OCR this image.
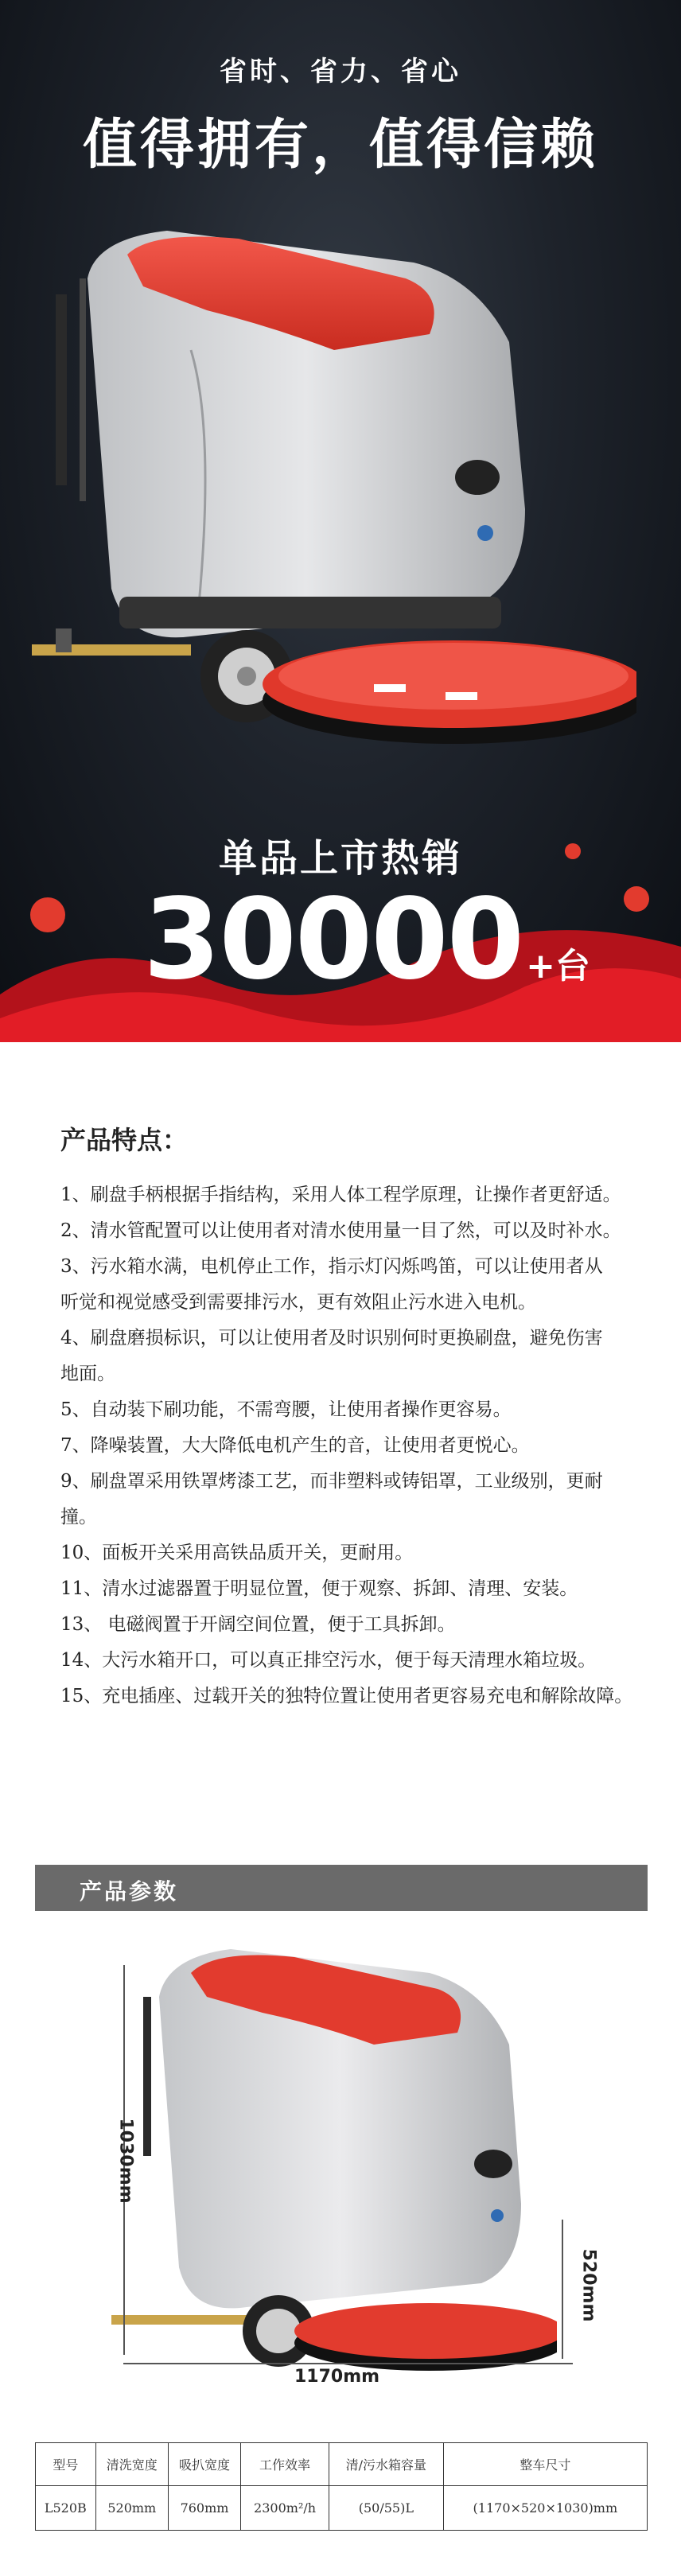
省时、省力、省心
值得拥有，值得信赖
单品上市热销
30000+台
产品特点：
1、刷盘手柄根据手指结构，采用人体工程学原理，让操作者更舒适。
2、清水管配置可以让使用者对清水使用量一目了然，可以及时补水。
3、污水箱水满，电机停止工作，指示灯闪烁鸣笛，可以让使用者从
听觉和视觉感受到需要排污水，更有效阻止污水进入电机。
4、刷盘磨损标识，可以让使用者及时识别何时更换刷盘，避免伤害
地面。
5、自动装下刷功能，不需弯腰，让使用者操作更容易。
7、降噪装置，大大降低电机产生的音，让使用者更悦心。
9、刷盘罩采用铁罩烤漆工艺，而非塑料或铸铝罩，工业级别，更耐
撞。
10、面板开关采用高铁品质开关，更耐用。
11、清水过滤器置于明显位置，便于观察、拆卸、清理、安装。
13、 电磁阀置于开阔空间位置，便于工具拆卸。
14、大污水箱开口，可以真正排空污水，便于每天清理水箱垃圾。
15、充电插座、过载开关的独特位置让使用者更容易充电和解除故障。
产品参数
1030mm
520mm
1170mm
型号	清洗宽度	吸扒宽度	工作效率	清/污水箱容量	整车尺寸
L520B	520mm	760mm	2300m²/h	(50/55)L	(1170×520×1030)mm
